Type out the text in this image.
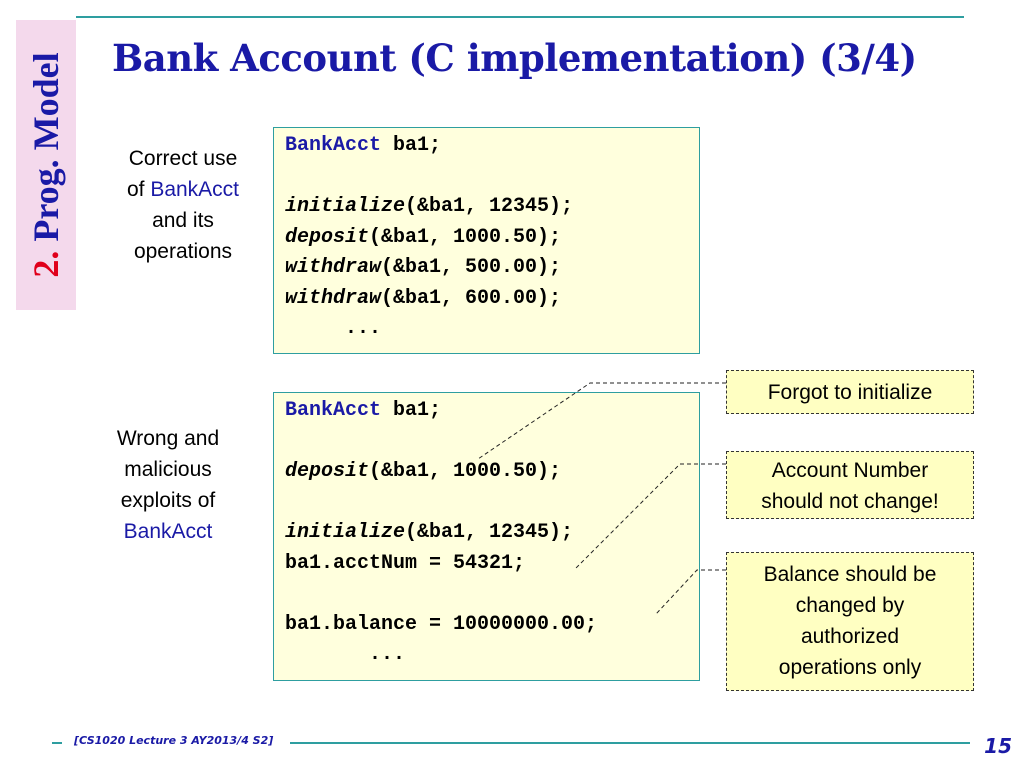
2. Prog. Model Bank Account (C implementation) (3/4)
Correct use
of BankAcct
and its
operations
BankAcct ba1;
initialize(&ba1, 12345);
deposit(&ba1, 1000.50);
withdraw(&ba1, 500.00);
withdraw(&ba1, 600.00);
...
Wrong and
malicious
exploits of
BankAcct
BankAcct ba1;
deposit(&ba1, 1000.50);
initialize(&ba1, 12345);
ba1.acctNum = 54321;
ba1.balance = 10000000.00;
...
Forgot to initialize
Account Number
should not change!
Balance should be
changed by
authorized
operations only
[CS1020 Lecture 3 AY2013/4 S2]	15
